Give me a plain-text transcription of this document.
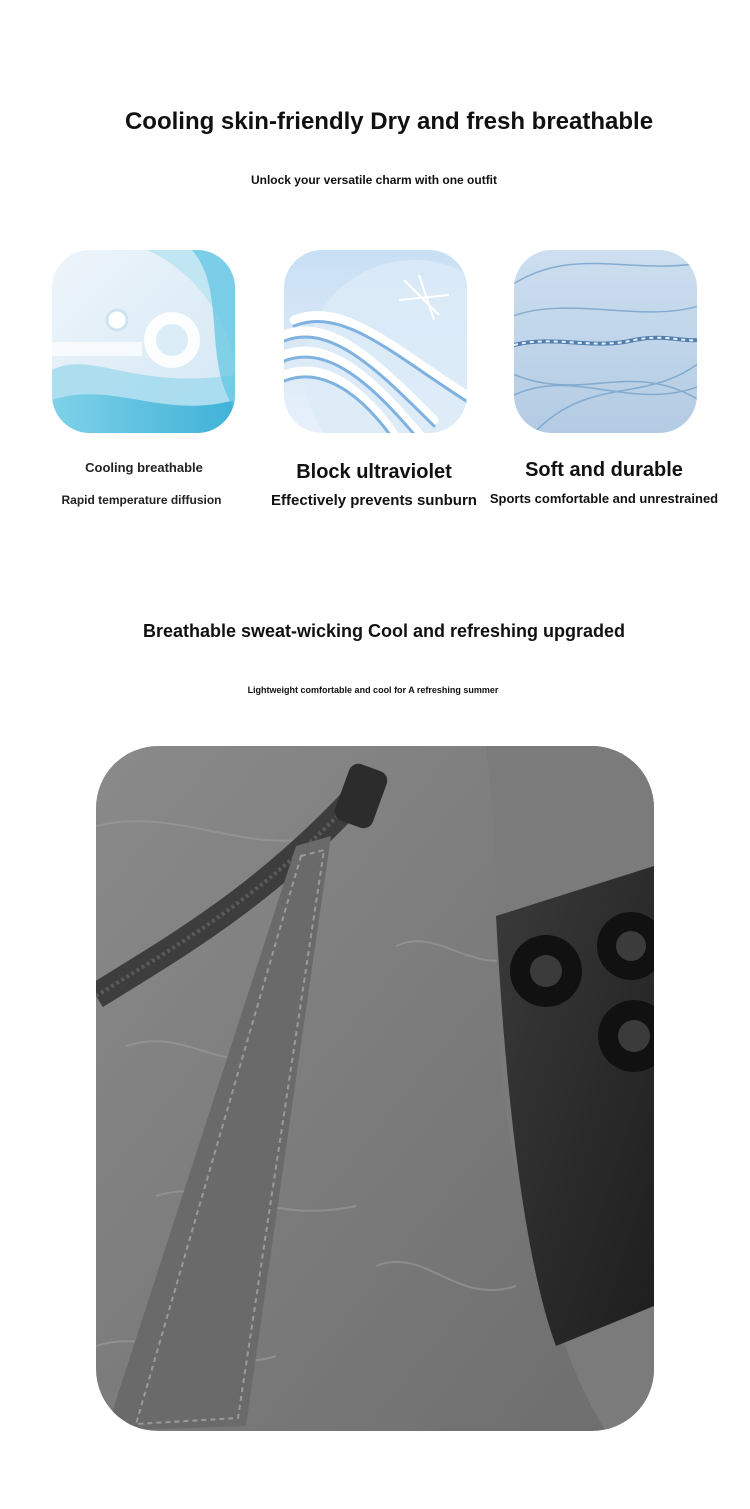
Cooling skin-friendly Dry and fresh breathable
Unlock your versatile charm with one outfit
Cooling breathable
Rapid temperature diffusion
Block ultraviolet
Effectively prevents sunburn
Soft and durable
Sports comfortable and unrestrained
Breathable sweat-wicking Cool and refreshing upgraded
Lightweight comfortable and cool for A refreshing summer
